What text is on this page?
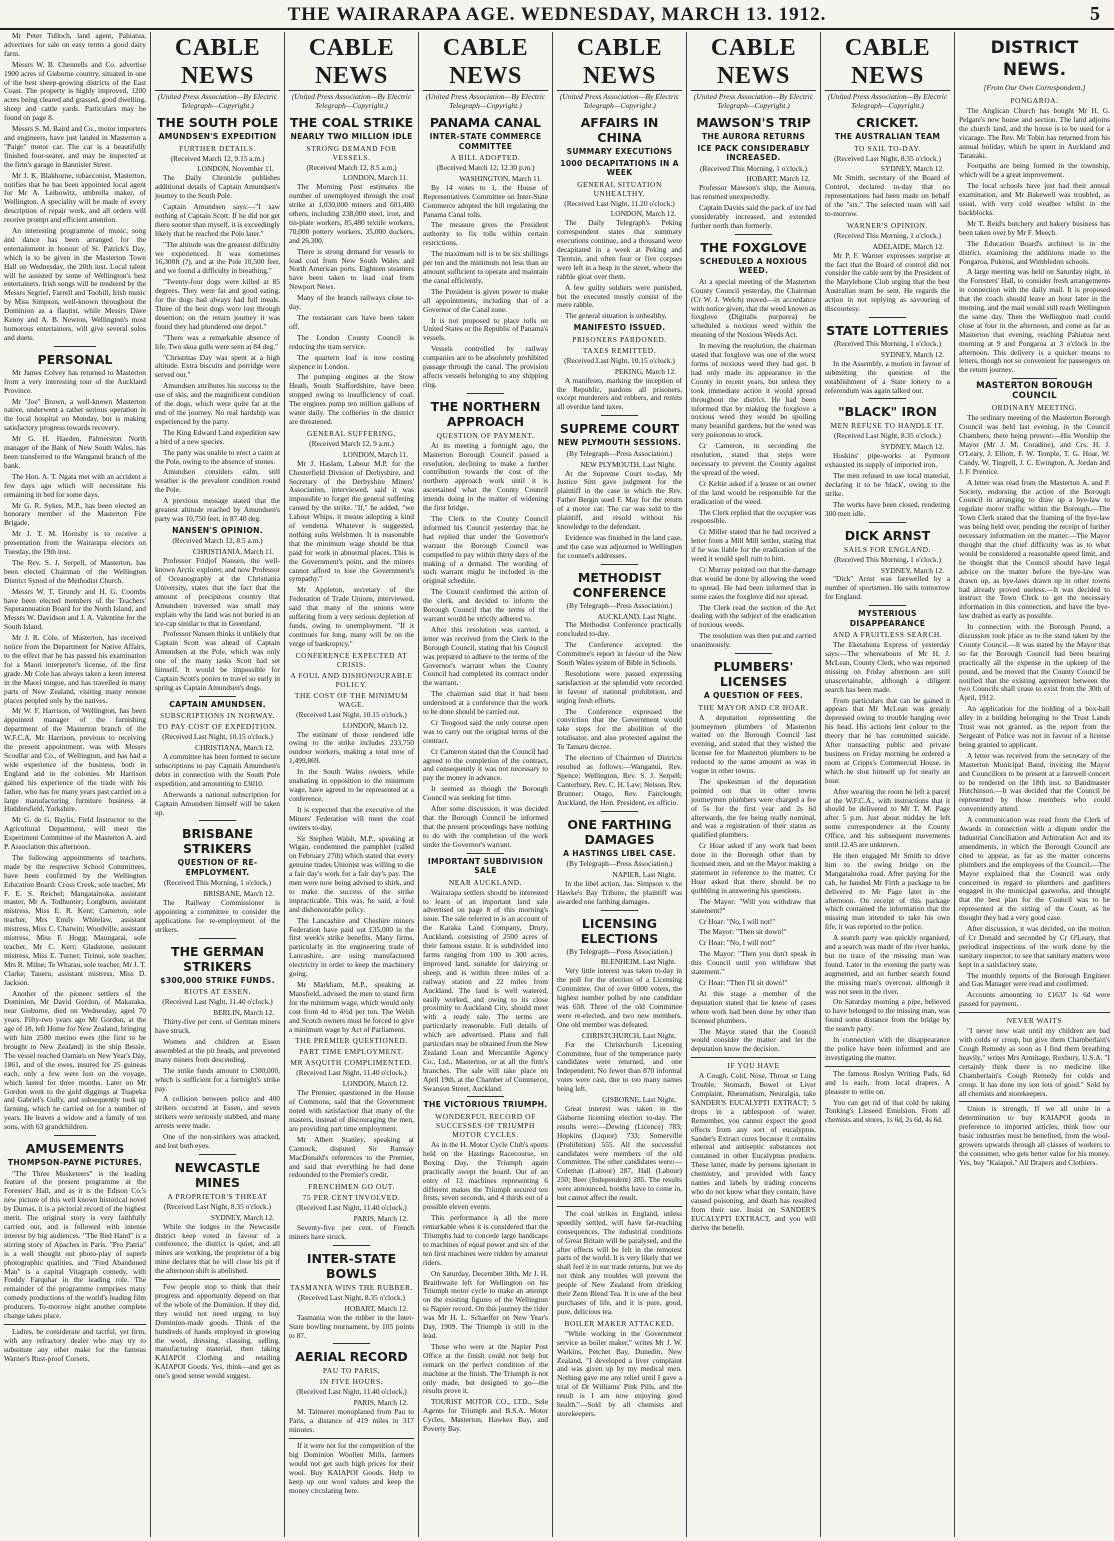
THE WAIRARAPA AGE. WEDNESDAY, MARCH 13. 1912.	5

Mr Peter Tulloch, land agent, Pahiatua, advertises for sale on easy terms a good dairy farm.

Messrs W. B. Chennells and Co. advertise 1900 acres of Gisborne country, situated in one of the best sheep-growing districts of the East Coast. The property is highly improved, 1200 acres being cleared and grassed, good dwelling, sheep and cattle yards. Particulars may be found on page 8.

Messrs S. M. Baird and Co., motor importers and engineers, have just landed in Masterton a "Paige" motor car. The car is a beautifully finished four-seater, and may be inspected at the firm's garage in Bannister Street.

Mr J. K. Blakhorne, tobacconist, Masterton, notifies that he has been appointed local agent for Mr A. Leibowitz, umbrella maker, of Wellington. A speciality will be made of every description of repair work, and all orders will receive prompt and efficient attention.

An interesting programme of music, song and dance has been arranged for the entertainment in honour of St. Patrick's Day, which is to be given in the Masterton Town Hall on Wednesday, the 20th inst. Local talent will be assisted by some of Wellington's best entertainers. Irish songs will be rendered by the Messrs Segrief, Farrell and Toohill, Irish music by Miss Simpson, well-known throughout the Dominion as a flautist, while Messrs Dave Kenny and A. B. Newton, Wellington's most humorous entertainers, will give several solos and duets.

PERSONAL

Mr James Colvey has returned to Masterton from a very interesting tour of the Auckland Province.

Mr "Joe" Brown, a well-known Masterton native, underwent a rather serious operation in the local hospital on Monday, but is making satisfactory progress towards recovery.

Mr G. H. Haeden, Palmerston North manager of the Bank of New South Wales, has been transferred to the Wanganui branch of the bank.

The Hon. A. T. Ngata met with an accident a few days ago which will necessitate his remaining in bed for some days.

Mr G. R. Sykes, M.P., has been elected an honorary member of the Masterton Fire Brigade.

Mr J. T. M. Hornsby is to receive a presentation from the Wairarapa electors on Tuesday, the 19th inst.

The Rev. S. J. Serpell, of Masterton, has been elected Chairman of the Wellington District Synod of the Methodist Church.

Messrs W. T. Grundy and H. G. Coombs have been elected members of the Teachers' Superannuation Board for the North Island, and Messrs W. Davidson and J. A. Valentine for the South Island.

Mr J. R. Cole, of Masterton, has received notice from the Department for Native Affairs, to the effect that he has passed his examination for a Maori interpreter's license, of the first grade. Mr Cole has always taken a keen interest in the Maori tongue, and has travelled in many parts of New Zealand, visiting many remote places peopled only by the natives.

Mr W. F. Harrison, of Wellington, has been appointed manager of the furnishing department of the Masterton branch of the W.F.C.A. Mr Harrison, previous to receiving the present appointment, was with Messrs Scoullar and Co., of Wellington, and has had a wide experience of the business, both in England and in the colonies. Mr Harrison gained his experience of the trade with his father, who has for many years past carried on a large manufacturing furniture business at Huddersfield, Yorkshire.

Mr G. de G. Baylis, Field Instructor to the Agricultural Department, will meet the Experiment Committee of the Masterton A. and P. Association this afternoon.

The following appointments of teachers, made by the respective School Committees, have been confirmed by the Wellington Education Board: Cross Creek, sole teacher, Mr F. E. S. Reichel; Mangatainoka, assistant master, Mr A. Todhunter; Longburn, assistant mistress, Miss E. R. Kent; Carterton, sole teacher, Mrs Emily Whitelaw, assistant mistress, Miss C. Chatwin; Woodville, assistant mistress, Miss F. Hogg; Maungarai, sole teacher, Mr C. Kerr; Gladstone, assistant mistress, Miss E. Turner; Tirinui, sole teacher, Mrs R. Milne; Te Wharau, sole teacher, Mr J. T. Clarke; Taueru, assistant mistress, Miss D. Jackson.

Another of the pioneer settlers of the Dominion, Mr David Gordon, of Makaraka, near Gisborne, died on Wednesday, aged 70 years. Fifty-two years ago Mr Gordon, at the age of 18, left Home for New Zealand, bringing with him 2500 merino ewes (the first to be brought to New Zealand) in the ship Bessie. The vessel reached Oamaru on New Year's Day, 1861, and of the ewes, insured for 25 guineas each, only a few were lost on the voyage, which lasted for three months. Later on Mr Gordon went to the gold diggings at Tuapeka and Gabriel's Gully, and subsequently took up farming, which he carried on for a number of years. He leaves a widow and a family of ten sons, with 63 grandchildren.

AMUSEMENTS
THOMPSON-PAYNE PICTURES.

"The Three Musketeers" is the leading feature of the present programme at the Foresters' Hall, and as it is the Edison Co.'s new picture of this well known historical novel by Dumas, it is a pictorial record of the highest merit. The original story is very faithfully carried out, and is followed with intense interest by big audiences. "The Red Hand" is a stirring story of Apaches in Paris. "Pro Patria" is a well thought out photo-play of superb photographic qualities, and "Fred Abandoned Man" is a capital Vitagraph comedy, with Freddy Farquhar in the leading role. The remainder of the programme comprises many comedy productions of the world's leading film producers. To-morrow night another complete change takes place.

Ladies, be considerate and tactful, yet firm, with any refractory dealer who may try to substitute any other make for the famous Warner's Rust-proof Corsets.

CABLE NEWS
(United Press Association—By Electric Telegraph—Copyright.)
THE SOUTH POLE
AMUNDSEN'S EXPEDITION
FURTHER DETAILS.
(Received March 12, 9.15 a.m.)
LONDON, November 11.

The Daily Chronicle publishes additional details of Captain Amundsen's journey to the South Pole.

Captain Amundsen says:—"I saw nothing of Captain Scott. If he did not get there sooner than myself, it is exceedingly likely that he reached the Pole later."

"The altitude was the greatest difficulty we experienced. It was sometimes 16,300ft (?), and at the Pole 10,500 feet, and we found a difficulty in breathing."

"Twenty-four dogs were killed at 85 degrees. They were fat and good eating, for the dogs had always had full meals. Three of the best dogs were lost through desertion; on the return journey it was found they had plundered one depot."

"There was a remarkable absence of life. Two skua gulls were seen at 84 deg."

"Christmas Day was spent at a high altitude. Extra biscuits and porridge were served out."

Amundsen attributes his success to the use of skis, and the magnificent condition of the dogs, which were quite fat at the end of the journey. No real hardship was experienced by the party.

The King Edward Land expedition saw a bird of a new species.

The party was unable to erect a cairn at the Pole, owing to the absence of stones.

Amundsen considers calm, still weather is the prevalent condition round the Pole.

A previous message stated that the greatest altitude reached by Amundsen's party was 10,750 feet, in 87.40 deg.

NANSEN'S OPINION.
(Received March 12, 8.5 a.m.)
CHRISTIANIA, March 11.

Professor Fridjof Nansen, the well-known Arctic explorer, and now Professor of Oceanography at the Christiania University, states that the fact that the amount of precipitous country that Amundsen traversed was small may explain why the land was not buried in an ice-cap similar to that in Greenland.

Professor Nansen thinks it unlikely that Captain Scott was ahead of Captain Amundsen at the Pole, which was only one of the many tasks Scott had set himself. It would be impossible for Captain Scott's ponies to travel so early in spring as Captain Amundsen's dogs.

CAPTAIN AMUNDSEN.
SUBSCRIPTIONS IN NORWAY.
TO PAY COST OF EXPEDITION.
(Received Last Night, 10.15 o'clock.)
CHRISTIANA, March 12.

A committee has been formed to secure subscriptions to pay Captain Amundsen's debts in connection with the South Pole expedition, and amounting to £3010.

Afterwards a national subscription for Captain Amundsen himself will be taken up.

BRISBANE STRIKERS
QUESTION OF RE-EMPLOYMENT.
(Received This Morning, 1 o'clock.)
BRISBANE, March 12.

The Railway Commissioner is appointing a committee to consider the applications for re-employment of the strikers.

THE GERMAN STRIKERS
$300,000 STRIKE FUNDS.
RIOTS AT ESSEN.
(Received Last Night, 11.40 o'clock.)
BERLIN, March 12.

Thirty-five per cent. of German miners have struck.

Women and children at Essen assembled at the pit heads, and prevented many miners from descending.

The strike funds amount to £300,000, which is sufficient for a fortnight's strike pay.

A collision between police and 400 strikers occurred at Essen, and seven strikers were seriously stabbed, and many arrests were made.

One of the non-strikers was attacked, and lost both eyes.

NEWCASTLE MINES
A PROPRIETOR'S THREAT
(Received Last Night, 8.35 o'clock.)
SYDNEY, March 12.

While the lodges in the Newcastle district keep voted in favour of a conference, the district is quiet, and all mines are working, the proprietor of a big mine declares that he will close his pit if the afternoon shift is abolished.

Few people stop to think that their progress and opportunity depend on that of the whole of the Dominion. If they did, they would not need urging to buy Dominion-made goods. Think of the hundreds of hands employed in growing the wool, dressing, classing, selling, manufacturing material, then taking KAIAPOI Clothing and retailing KAIAPOI Goods. Yes, think—and get as one's good sense would suggest.

CABLE NEWS
(United Press Association—By Electric Telegraph—Copyright.)
THE COAL STRIKE
NEARLY TWO MILLION IDLE
STRONG DEMAND FOR VESSELS.
(Received March 12, 8.5 a.m.)
LONDON, March 11.

The Morning Post estimates the number of unemployed through the coal strike at 1,030,000 miners and 601,480 others, including 238,000 steel, iron, and tin-plate workers, 85,480 textile workers, 70,000 pottery workers, 35,000 dockers, and 26,300.

There is strong demand for vessels to load coal from New South Wales and North American ports. Eighteen steamers have been taken to load coal from Newport News.

Many of the branch railways close to-day.

The restaurant cars have been taken off.

The London County Council is reducing the tram service.

The quartern loaf is now costing sixpence in London.

The pumping engines at the Stow Heath, South Staffordshire, have been stopped owing to insufficiency of coal. The engines pump ten million gallons of water daily. The collieries in the district are threatened.

GENERAL SUFFERING.
(Received March 12, 9 a.m.)
LONDON, March 11.

Mr J. Haslam, Labour M.P. for the Chesterfield Division of Derbyshire, and Secretary of the Derbyshire Miners' Association, interviewed, said it was impossible to forget the general suffering caused by the strike. "If," he added, "we Labour Whips, it means adopting a kind of vendetta. Whatever is suggested, nothing suits Welshmen. It is reasonable that the minimum wage should be that paid for work in abnormal places. This is the Government's point, and the miners cannot afford to lose the Government's sympathy."

Mr Appleton, secretary of the Federation of Trade Unions, interviewed, said that many of the unions were suffering from a very serious depletion of funds, owing to unemployment. "If it continues for long, many will be on the verge of bankruptcy."

CONFERENCE EXPECTED AT CRISIS.
A FOUL AND DISHONOURABLE POLICY.
THE COST OF THE MINIMUM WAGE.
(Received Last Night, 10.15 o'clock.)
LONDON, March 12.

The estimate of those rendered idle owing to the strike includes 233,750 outdoor workers, making a total now of 1,499,869.

In the South Wales owners, while unabating in opposition to the minimum wage, have agreed to be represented at a conference.

It is expected that the executive of the Miners' Federation will meet the coal owners to-day.

Sir Stephen Walsh, M.P., speaking at Wigan, condemned the pamphlet (called on February 27th) which stated that every genuine trades Unionist was willing to die a fair day's work for a fair day's pay. The men were now being advised to shirk, and to make the success of the strike impracticable. This was, he said, a foul and dishonourable policy.

The Lancashire and Cheshire miners Federation have paid out £35,000 in the first week's strike benefits. Many firms, particularly in the engineering trade of Lancashire, are using manufactured electricity in order to keep the machinery going.

Mr Markham, M.P., speaking at Mansfield, advised the men to stand firm for the minimum wage, which would only cost from 4d to 4½d per ton. The Welsh and Scotch owners must be forced to give a minimum wage by Act of Parliament.

THE PREMIER QUESTIONED.
PART TIME EMPLOYMENT.
MR ASQUITH COMPLIMENTED.
(Received Last Night, 11.40 o'clock.)
LONDON, March 12.

The Premier, questioned in the House of Commons, said that the Government noted with satisfaction that many of the masters, instead of discouraging the men, are providing part time employment.

Mr Albert Stanley, speaking at Cannock, disputed Sir Ramsay MacDonald's references to the Premier, and said that everything he had done redounded to the Premier's credit.

FRENCHMEN GO OUT.
75 PER CENT INVOLVED.
(Received Last Night, 11.40 o'clock.)
PARIS, March 12.

Seventy-five per cent. of French miners have struck.

INTER-STATE BOWLS
TASMANIA WINS THE RUBBER.
(Received Last Night, 8.35 o'clock.)
HOBART, March 12.

Tasmania won the rubber in the Inter-State bowling tournament, by 105 points to 87.

AERIAL RECORD
PAU TO PARIS,
IN FIVE HOURS.
(Received Last Night, 11.40 o'clock.)
PARIS, March 12.

M. Talmeret monoplaned from Pau to Paris, a distance of 419 miles in 317 minutes.

If it were not for the competition of the big Dominion Woollen Mills, farmers would not get such high prices for their wool. Buy KAIAPOI Goods. Help to keep up our wool values and keep the money circulating here.

CABLE NEWS
(United Press Association—By Electric Telegraph—Copyright.)
PANAMA CANAL
INTER-STATE COMMERCE COMMITTEE
A BILL ADOPTED.
(Received March 12, 12.30 p.m.)
WASHINGTON, March 11.

By 14 votes to 1, the House of Representatives Committee on Inter-State Commerce adopted the bill regulating the Panama Canal tolls.

The measure gives the President authority to fix tolls within certain restrictions.

The maximum toll is to be six shillings per ton and the minimum not less than an amount sufficient to operate and maintain the canal efficiently.

The President is given power to make all appointments, including that of a Governor of the Canal zone.

It is not proposed to place tolls on United States or the Republic of Panama's vessels.

Vessels controlled by railway companies are to be absolutely prohibited passage through the canal. The provision affects vessels belonging to any shipping ring.

THE NORTHERN APPROACH
QUESTION OF PAYMENT.

At its meeting a fortnight ago, the Masterton Borough Council passed a resolution, declining to make a further contribution towards the cost of the northern approach work until it is ascertained what the County Council intends doing in the matter of widening the first bridge.

The Clerk to the County Council informed his Council yesterday that he had replied that under the Governor's warrant the Borough Council was compelled to pay within thirty days of the making of a demand. The wording of such warrant might be included in the original schedule.

The Council confirmed the action of the clerk, and decided to inform the Borough Council that the terms of the warrant would be strictly adhered to.

After this resolution was carried, a letter was received from the Clerk to the Borough Council, stating that his Council was prepared to adhere to the terms of the Governor's warrant when the County Council had completed its contract under the warrant.

The chairman said that it had been understood at a conference that the work to be done should be carried out.

Cr Toogood said the only course open was to carry out the original terms of the contract.

Cr Cameron stated that the Council had agreed to the completion of the contract, and consequently it was not necessary to pay the money in advance.

It seemed as though the Borough Council was seeking for time.

After some discussion, it was decided that the Borough Council be informed that the present proceedings have nothing to do with the completion of the work under the Governor's warrant.

IMPORTANT SUBDIVISION SALE
NEAR AUCKLAND.

Wairarapa settlers should be interested to learn of an important land sale advertised on page 8 of this morning's issue. The sale referred to is an account of the Karaka Land Company, Drury, Auckland, consisting of 2500 acres of their famous estate. It is subdivided into farms ranging from 100 to 300 acres, improved land, suitable for dairying or sheep, and is within three miles of a railway station and 22 miles from Auckland. The land is well watered, easily worked, and owing to its close proximity to Auckland City, should meet with a ready sale. The terms are particularly reasonable. Full details of which are advertised. Plans and full particulars may be obtained from the New Zealand Loan and Mercantile Agency Co., Ltd., Masterton, or at all the firm's branches. The sale will take place on April 19th, at the Chamber of Commerce, Swanson Street, Auckland.

THE VICTORIOUS TRIUMPH.
WONDERFUL RECORD OF SUCCESSES OF TRIUMPH MOTOR CYCLES.

As in the H. Motor Cycle Club's sports held on the Hastings Racecourse, on Boxing Day, the Triumph again practically swept the board. Out of an entry of 12 machines representing 6 different makes the Triumph secured ten firsts, seven seconds, and 4 thirds out of a possible eleven events.

This performance is all the more remarkable when it is considered that the Triumphs had to concede large handicaps to machines of equal power and six of the ten first machines were ridden by amateur riders.

On Saturday, December 30th, Mr J. H. Braithwaite left for Wellington on his Triumph motor cycle to make an attempt on the existing figures of the Wellington to Napier record. On this journey the rider was Mr H. L. Schaeffer on New Year's Day, 1909. The Triumph is still in the lead.

Those who were at the Napier Post Office at the finish could not help but remark on the perfect condition of the machine at the finish. The Triumph is not only made, but designed to go—the results prove it.

TOURIST MOTOR CO., LTD., Sole Agents for Triumph and B.S.A. Motor Cycles, Masterton, Hawkes Bay, and Poverty Bay.

CABLE NEWS
(United Press Association—By Electric Telegraph—Copyright.)
AFFAIRS IN CHINA
SUMMARY EXECUTIONS
1000 DECAPITATIONS IN A WEEK
GENERAL SITUATION UNHEALTHY.
(Received Last Night, 11.20 o'clock.)
LONDON, March 12.

The Daily Telegraph's Peking correspondent states that summary executions continue, and a thousand were decapitated in a week at Peking and Tientsin, and often four or five corpses were left in a heap in the street, where the rabble gloat over them.

A few guilty soldiers were punished, but the executed mostly consist of the mere rabble.

The general situation is unhealthy.

MANIFESTO ISSUED.
PRISONERS PARDONED.
TAXES REMITTED.
(Received Last Night, 10.15 o'clock.)
PEKING, March 12.

A manifesto, marking the inception of the Republic, pardons all prisoners, except murderers and robbers, and remits all overdue land taxes.

SUPREME COURT
NEW PLYMOUTH SESSIONS.
(By Telegraph—Press Association.)
NEW PLYMOUTH, Last Night.

At the Supreme Court to-day, Mr Justice Sim gave judgment for the plaintiff in the case in which the Rev. Father Bergin sued F. May for the return of a motor car. The car was sold to the plaintiff, and resold without his knowledge to the defendant.

Evidence was finished in the land case, and the case was adjourned to Wellington for counsel's addresses.

METHODIST CONFERENCE
(By Telegraph—Press Association.)
AUCKLAND, Last Night.

The Methodist Conference practically concluded to-day.

The Conference accepted the Committee's report in favour of the New South Wales system of Bible in Schools.

Resolutions were passed expressing satisfaction at the splendid vote recorded in favour of national prohibition, and urging fresh efforts.

The Conference expressed the conviction that the Government would take steps for the abolition of the totalisator, and also protested against the Te Tamaru decree.

The election of Chairmen of Districts resulted as follows:—Wanganui, Rev. Spence; Wellington, Rev. S. J. Serpell; Canterbury, Rev. C. H. Law; Nelson, Rev. Brunner; Otago, Rev. Fairclough; Auckland, the Hon. President, ex officio.

ONE FARTHING DAMAGES
A HASTINGS LIBEL CASE.
(By Telegraph—Press Association.)
NAPIER, Last Night.

In the libel action, Jas. Simpson v. the Hawke's Bay Tribune, the plaintiff was awarded one farthing damages.

LICENSING ELECTIONS
(By Telegraph—Press Association.)
BLENHEIM, Last Night.

Very little interest was taken to-day in the poll for the election of a Licensing Committee. Out of over 6000 voters, the highest number polled by one candidate was 658. Three of the old Committee were re-elected, and two new members. One old member was defeated.

CHRISTCHURCH, Last Night.

For the Christchurch Licensing Committee, four of the temperance party candidates were returned, and one Independent. No fewer than 870 informal votes were cast, due to too many names being left.

GISBORNE, Last Night.

Great interest was taken in the Gisborne licensing election to-day. The results were:—Dewing (Licence) 783; Hopkins (Liquor) 733; Somerville (Prohibition) 555. All the successful candidates were members of the old Committee. The other candidates were:—Coleman (Labour) 287, Hall (Labour) 250; Beer (Independent) 285. The results were announced, booths have to come in, but cannot affect the result.

The coal strikes in England, unless speedily settled, will have far-reaching consequences. The industrial conditions of Great Britain will be paralysed, and the after effects will be felt in the remotest parts of the world. It is very likely that we shall feel it in our trade returns, but we do not think any troubles will prevent the people of New Zealand from drinking their Zenn Blend Tea. It is one of the best purchases of life, and it is pure, good, pure, delicious tea.

BOILER MAKER ATTACKED.

"While working in the Government service as boiler maker," writes Mr J. W. Watkins, Petchet Bay, Dunedin, New Zealand, "I developed a liver complaint and was given up by my medical men. Nothing gave me any relief until I gave a trial of Dr Williams' Pink Pills, and the result is I am now enjoying good health."—Sold by all chemists and storekeepers.

CABLE NEWS
(United Press Association—By Electric Telegraph—Copyright.)
MAWSON'S TRIP
THE AURORA RETURNS
ICE PACK CONSIDERABLY INCREASED.
(Received This Morning, 1 o'clock.)
HOBART, March 12.

Professor Mawson's ship, the Aurora, has returned unexpectedly.

Captain Davies said the pack of ice had considerably increased, and extended further north than formerly.

THE FOXGLOVE
SCHEDULED A NOXIOUS WEED.

At a special meeting of the Masterton County Council yesterday, the Chairman (Cr W. J. Welch) moved—in accordance with notice given, that the weed known as foxglove (Digitalis purpurea) be scheduled a noxious weed within the meaning of the Noxious Weeds Act.

In moving the resolution, the chairman stated that foxglove was one of the worst forms of noxious weed they had got. It had only made its appearance in the County in recent years, but unless they took immediate action it would spread throughout the district. He had been informed that by making the foxglove a noxious weed they would be spoiling many beautiful gardens, but the weed was very poisonous to stock.

Cr Cameron, in seconding the resolution, stated that steps were necessary to prevent the County against the spread of the weed.

Cr Keltie asked if a lessee or an owner of the land would be responsible for the eradication of the weed.

The Clerk replied that the occupier was responsible.

Cr Miller stated that he had received a letter from a Mill Mill settler, stating that if he was liable for the eradication of the weed it would spell ruin to him.

Cr Murray pointed out that the damage that would be done by allowing the weed to spread. He had been informed that in some cases the foxglove did not spread.

The Clerk read the section of the Act dealing with the subject of the eradication of noxious weeds.

The resolution was then put and carried unanimously.

PLUMBERS' LICENSES
A QUESTION OF FEES.
THE MAYOR AND CR HOAR.

A deputation representing the journeymen plumbers of Masterton waited on the Borough Council last evening, and stated that they wished the license fee for Masterton plumbers to be reduced to the same amount as was in vogue in other towns.

The spokesman of the deputation pointed out that in other towns journeymen plumbers were charged a fee of 5s for the first year and 2s 6d afterwards, the fee being really nominal, and was a registration of their status as qualified plumbers.

Cr Hoar asked if any work had been done in the Borough other than by licensed men, and on the Mayor making a statement in reference to the matter, Cr Hoar asked that there should be no quibbling in answering his questions.

The Mayor: "Will you withdraw that statement?"

Cr Hoar: "No, I will not!"

The Mayor: "Then sit down!"

Cr Hoar: "No, I will not!"

The Mayor: "Then you don't speak in this Council until you withdraw that statement."

Cr Hoar: "Then I'll sit down!"

At this stage a member of the deputation stated that he knew of cases where work had been done by other than licensed plumbers.

The Mayor stated that the Council would consider the matter and let the deputation know the decision.

IF YOU HAVE

A Cough, Cold, Nose, Throat or Lung Trouble, Stomach, Bowel or Liver Complaint, Rheumatism, Neuralgia, take SANDER'S EUCALYPTI EXTRACT; 5 drops in a tablespoon of water. Remember, you cannot expect the good effects from any sort of eucalyptus. Sander's Extract cures because it contains ethereal and antiseptic substances not contained in other Eucalyptus products. These latter, made by persons ignorant in chemistry, and provided with fancy names and labels by trading concerns who do not know what they contain, have caused poisoning, and death has resulted from their use. Insist on SANDER'S EUCALYPTI EXTRACT, and you will derive the benefit.

CABLE NEWS
(United Press Association—By Electric Telegraph—Copyright.)
CRICKET.
THE AUSTRALIAN TEAM
TO SAIL TO-DAY.
(Received Last Night, 8.35 o'clock.)
SYDNEY, March 12.

Mr Smith, secretary of the Board of Control, declared to-day that no representations had been made on behalf of the "six." The selected team will sail to-morrow.

WARNER'S OPINION.
(Received This Morning, 1 o'clock.)
ADELAIDE, March 12.

Mr P. F. Warner expresses surprise at the fact that the Board of control did not consider the cable sent by the President of the Marylebone Club urging that the best Australian team be sent. He regards the action in not replying as savouring of discourtesy.

STATE LOTTERIES
(Received This Morning, 1 o'clock.)
SYDNEY, March 12.

In the Assembly, a motion in favour of submitting the question of the establishment of a State lottery to a referendum was again talked out.

"BLACK" IRON
MEN REFUSE TO HANDLE IT.
(Received Last Night, 8.35 o'clock.)
SYDNEY, March 12.

Hoskins' pipe-works at Pyrmont exhausted its supply of imported iron.

The men refused to use local material, declaring it to be 'black', owing to the strike.

The works have been closed, rendering 300 men idle.

DICK ARNST
SAILS FOR ENGLAND.
(Received This Morning, 1 o'clock.)
SYDNEY, March 12.

"Dick" Arnst was farewelled by a number of sportsmen. He sails tomorrow for England.

MYSTERIOUS DISAPPEARANCE
AND A FRUITLESS SEARCH.

The Eketahuna Express of yesterday says:—The whereabouts of Mr H. J. McLean, County Clerk, who was reported missing on Friday afternoon are still unascertainable, although a diligent search has been made.

From particulars that can be gained it appears that Mr McLean was greatly depressed owing to trouble hanging over his head. His actions lent colour to the theory that he has committed suicide. After transacting public and private business on Friday morning he ordered a room at Cripps's Commercial House, in which he shut himself up for nearly an hour.

After wearing the room he left a parcel at the W.F.C.A., with instructions that it should be delivered to Mr T. M. Page after 5 p.m. Just about midday he left some correspondence at the County Office, and his subsequent movements until 12.45 are unknown.

He then engaged Mr Smith to drive him to the swing bridge on the Mangatainoka road. After paying for the cab, he handed Mr Firth a package to be delivered to Mr Page later in the afternoon. On receipt of this package which contained the information that the missing man intended to take his own life, it was reported to the police.

A search party was quickly organised, and a search was made of the river banks, but no trace of the missing man was found. Later in the evening the party was augmented, and on further search found the missing man's overcoat, although it was not seen in the river.

On Saturday morning a pipe, believed to have belonged to the missing man, was found some distance from the bridge by the search party.

In connection with the disappearance the police have been informed and are investigating the matter.

The famous Roslyn Writing Pads, 6d and 1s each, from local drapers. A pleasure to write on.

You can get rid of that cold by taking Tonking's Linseed Emulsion. From all chemists and stores, 1s 6d, 2s 6d, 4s 6d.

DISTRICT NEWS.
[From Our Own Correspondent.]
PONGAROA.

The Anglican Church has bought Mr H. G. Pelgate's new house and section. The land adjoins the church land, and the house is to be used for a vicarage. The Rev. Mr Tobin has returned from his annual holiday, which he spent in Auckland and Taranaki.

Footpaths are being formed in the township, which will be a great improvement.

The local schools have just had their annual examination, and Mr Bakewell was troubled, as usual, with very cold weather whilst in the backblocks.

Mr T. Reid's butchery and bakery business has been taken over by Mr F. Meech.

The Education Board's architect is in the district, examining the additions made to the Pongaroa, Puketoi, and Wimbledon schools.

A large meeting was held on Saturday night, in the Foresters' Hall, to consider fresh arrangements in connection with the daily mail. It is proposed that the coach should leave an hour later in the morning, and the mail would still reach Wellington the same day. Then the Wellington mail could close at four in the afternoon, and come as far as Masterton that evening, reaching Pahiatua next morning at 9 and Pongaroa at 3 o'clock in the afternoon. This delivery is a quicker means to letters, though not so convenient for passengers on the return journey.

MASTERTON BOROUGH COUNCIL
ORDINARY MEETING.

The ordinary meeting of the Masterton Borough Council was held last evening, in the Council Chambers, there being present:—His Worship the Mayor (Mr J. M. Coradine), and Crs. H. J. O'Leary, J. Elliott, F. W. Temple, T. G. Hoar, W. Candy, W. Tingrell, J. C. Ewington, A. Jordan and J. F. Prentice.

A letter was read from the Masterton A. and P. Society, endorsing the action of the Borough Council in arranging to draw up a bye-law to regulate motor traffic within the Borough.—The Town Clerk stated that the framing of the bye-law was being held over, pending the receipt of further necessary information on the matter.—The Mayor thought that the chief difficulty was as to what would be considered a reasonable speed limit, and he thought that the Council should have legal advice on the matter before the bye-law was drawn up, as bye-laws drawn up in other towns had already proved useless.—It was decided to instruct the Town Clerk to get the necessary information in this connection, and have the bye-law drafted as early as possible.

In connection with the Borough Pound, a discussion took place as to the stand taken by the County Council.—It was stated by the Mayor that so far the Borough Council had been bearing practically all the expense in the upkeep of the pound, and he moved that the County Council be notified that the existing agreement between the two Councils shall cease to exist from the 30th of April, 1912.

An application for the holding of a box-ball alley in a building belonging to the Trust Lands Trust was not granted, as the report from the Sergeant of Police was not in favour of a license being granted to applicant.

A letter was received from the secretary of the Masterton Municipal Band, inviting the Mayor and Councillors to be present at a farewell concert to be tendered on the 18th inst. to Bandmaster Hutchinson.—It was decided that the Council be represented by those members who could conveniently attend.

A communication was read from the Clerk of Awards in connection with a dispute under the Industrial Conciliation and Arbitration Act and its amendments, in which the Borough Council are cited to appear, as far as the matter concerns plumbers and the employees of the Council.—The Mayor explained that the Council was only concerned in regard to plumbers and gasfitters engaged in the municipal gasworks, and thought that the best plan for the Council was to be represented at the sitting of the Court, as he thought they had a very good case.

After discussion, it was decided, on the motion of Cr Donald and seconded by Cr O'Leary, that periodical inspections of the work done by the sanitary inspector, to see that sanitary matters were kept in a satisfactory state.

The monthly reports of the Borough Engineer and Gas Manager were read and confirmed.

Accounts amounting to £1637 1s 6d were passed for payment.

NEVER WAITS

"I never now wait until my children are bad with colds or croup, but give them Chamberlain's Cough Remedy as soon as I find them breathing heavily," writes Mrs Armitage, Roxbury, U.S.A. "I certainly think there is no medicine like Chamberlain's Cough Remedy for colds and croup. It has done my son lots of good." Sold by all chemists and storekeepers.

Union is strength. If we all unite in a determination to buy KAIAPOI goods in preference to imported articles, think how our basic industries must be benefited, from the wool-growers upwards through all classes of workers to the consumer, who gets better value for his money. Yes, buy "Kaiapoi." All Drapers and Clothiers.
